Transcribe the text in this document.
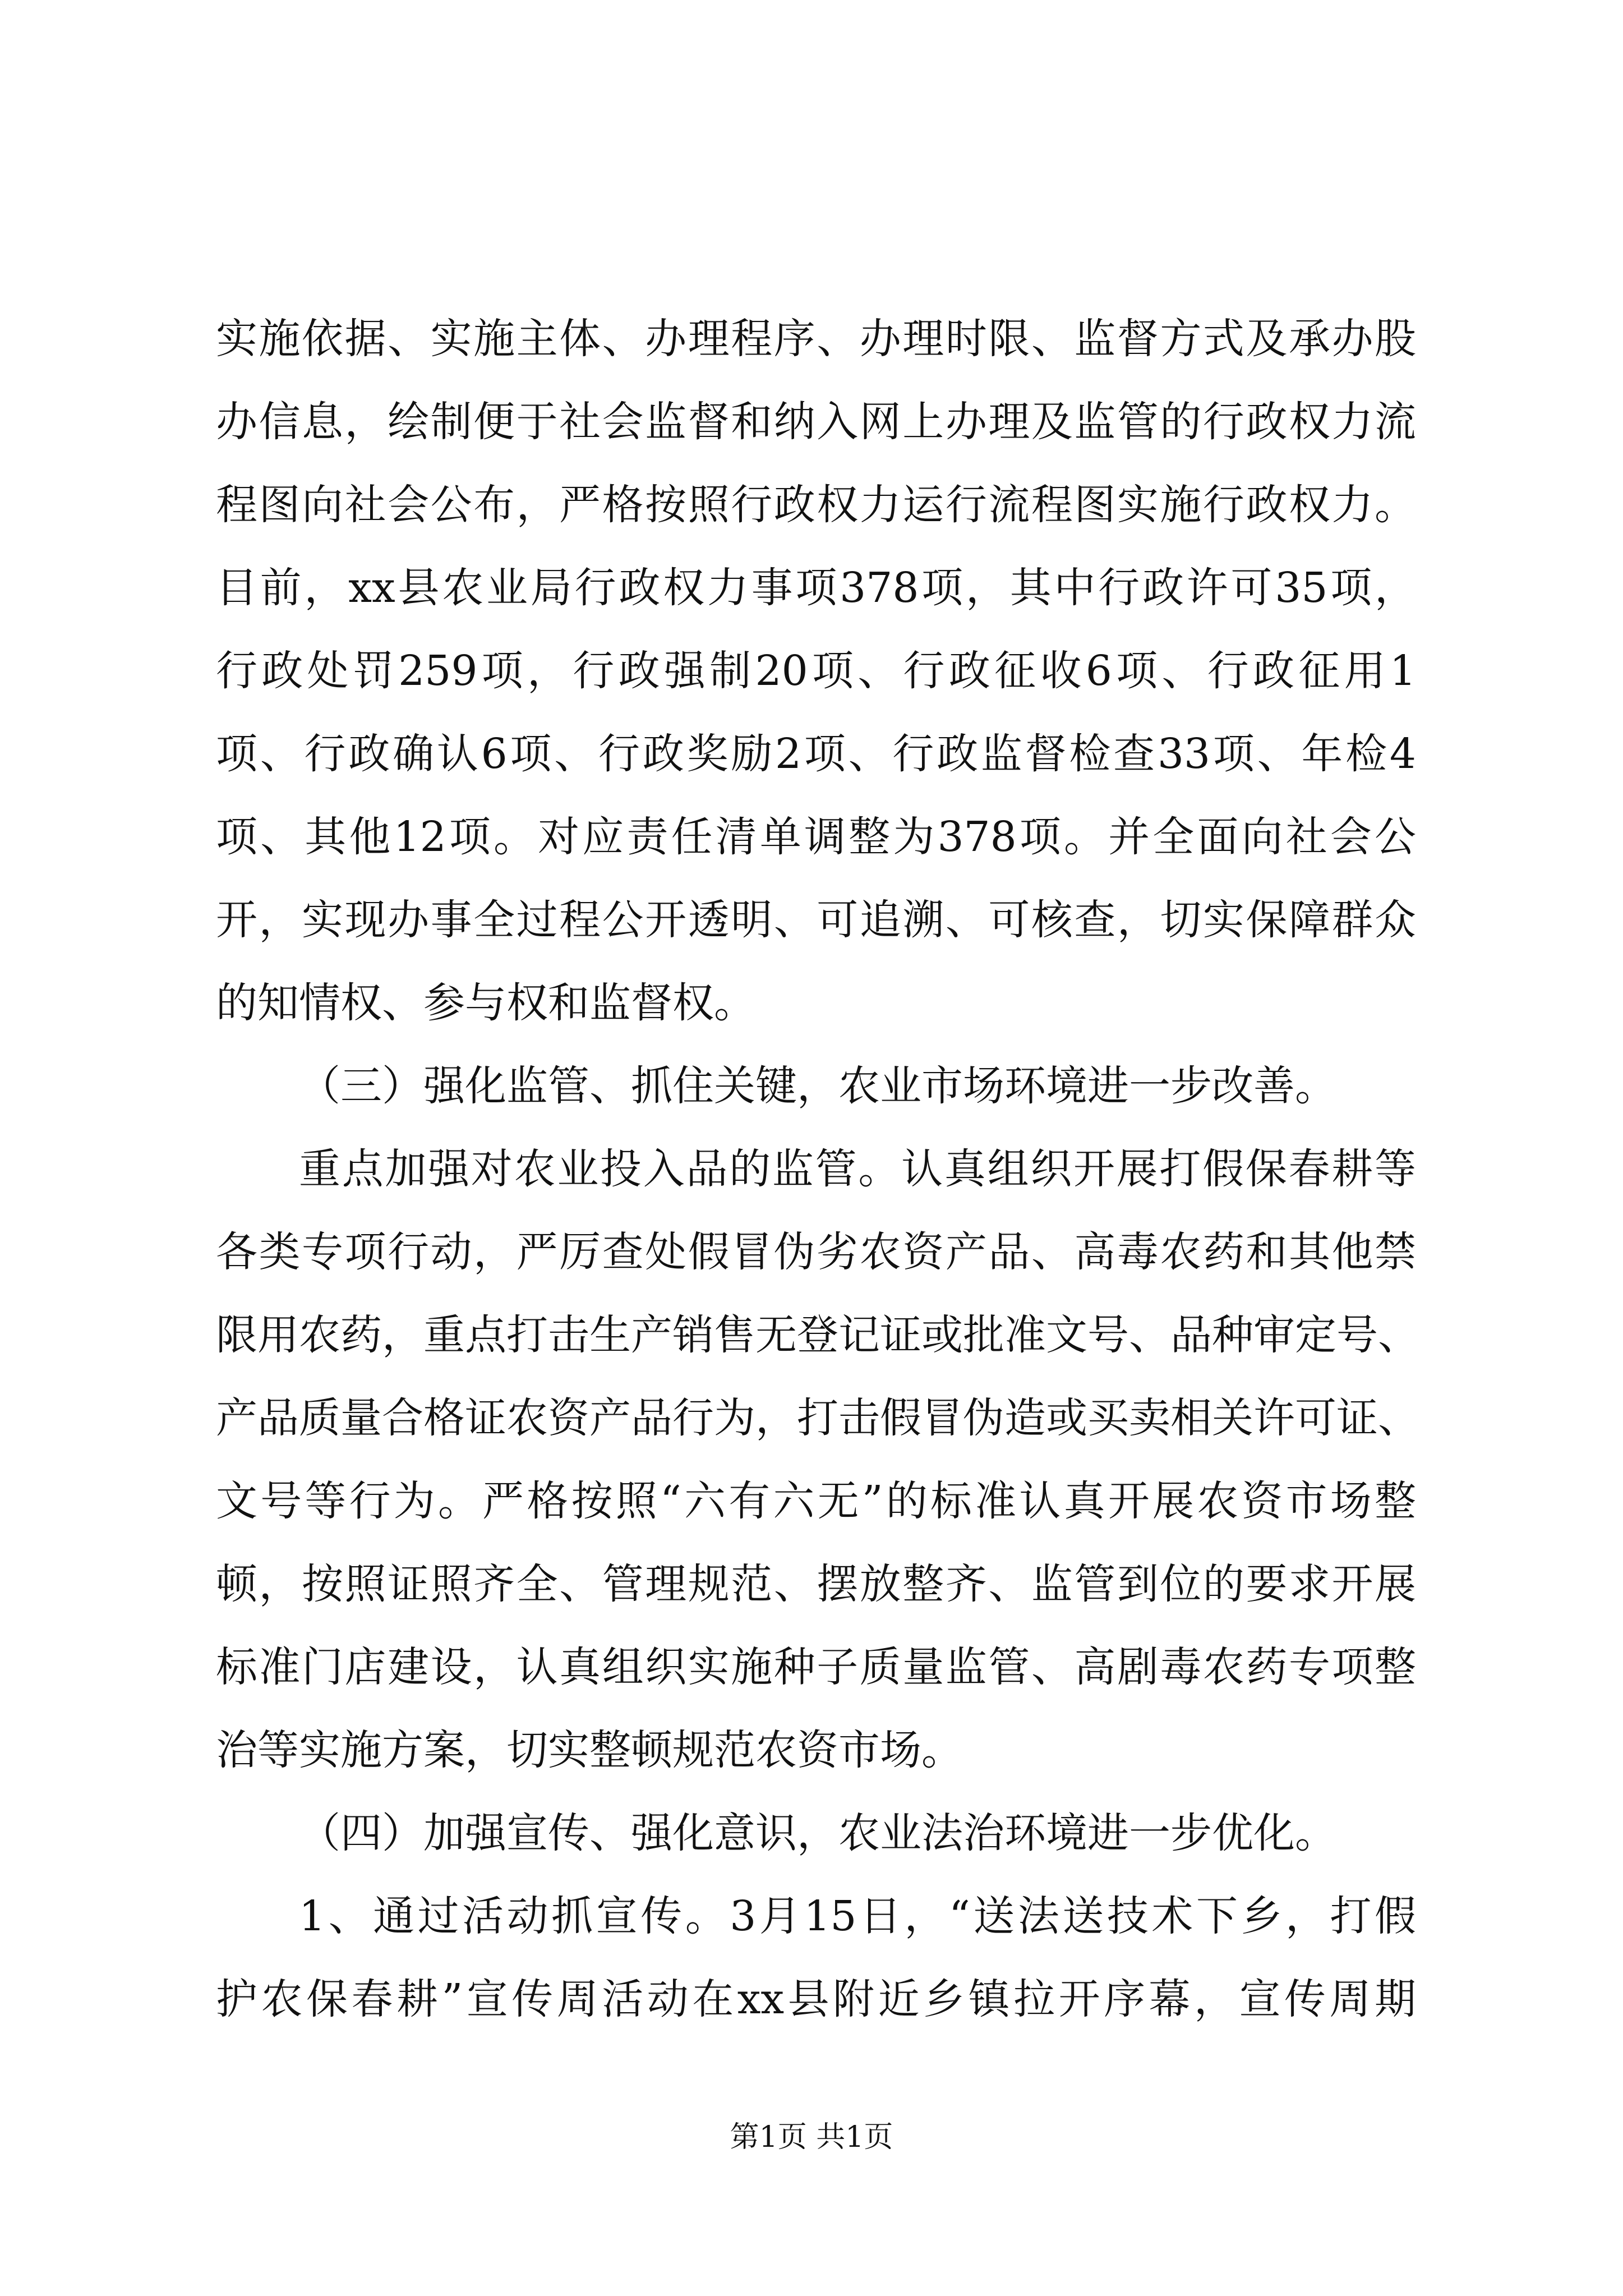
实施依据、实施主体、办理程序、办理时限、监督方式及承办股
办信息，绘制便于社会监督和纳入网上办理及监管的行政权力流
程图向社会公布，严格按照行政权力运行流程图实施行政权力。
目前，xx县农业局行政权力事项378项，其中行政许可35项，
行政处罚259项，行政强制20项、行政征收6项、行政征用1
项、行政确认6项、行政奖励2项、行政监督检查33项、年检4
项、其他12项。对应责任清单调整为378项。并全面向社会公
开，实现办事全过程公开透明、可追溯、可核查，切实保障群众
的知情权、参与权和监督权。
（三）强化监管、抓住关键，农业市场环境进一步改善。
重点加强对农业投入品的监管。认真组织开展打假保春耕等
各类专项行动，严厉查处假冒伪劣农资产品、高毒农药和其他禁
限用农药，重点打击生产销售无登记证或批准文号、品种审定号、
产品质量合格证农资产品行为，打击假冒伪造或买卖相关许可证、
文号等行为。严格按照“六有六无”的标准认真开展农资市场整
顿，按照证照齐全、管理规范、摆放整齐、监管到位的要求开展
标准门店建设，认真组织实施种子质量监管、高剧毒农药专项整
治等实施方案，切实整顿规范农资市场。
（四）加强宣传、强化意识，农业法治环境进一步优化。
1、通过活动抓宣传。3月15日，“送法送技术下乡，打假
护农保春耕”宣传周活动在xx县附近乡镇拉开序幕，宣传周期
第1页 共1页
